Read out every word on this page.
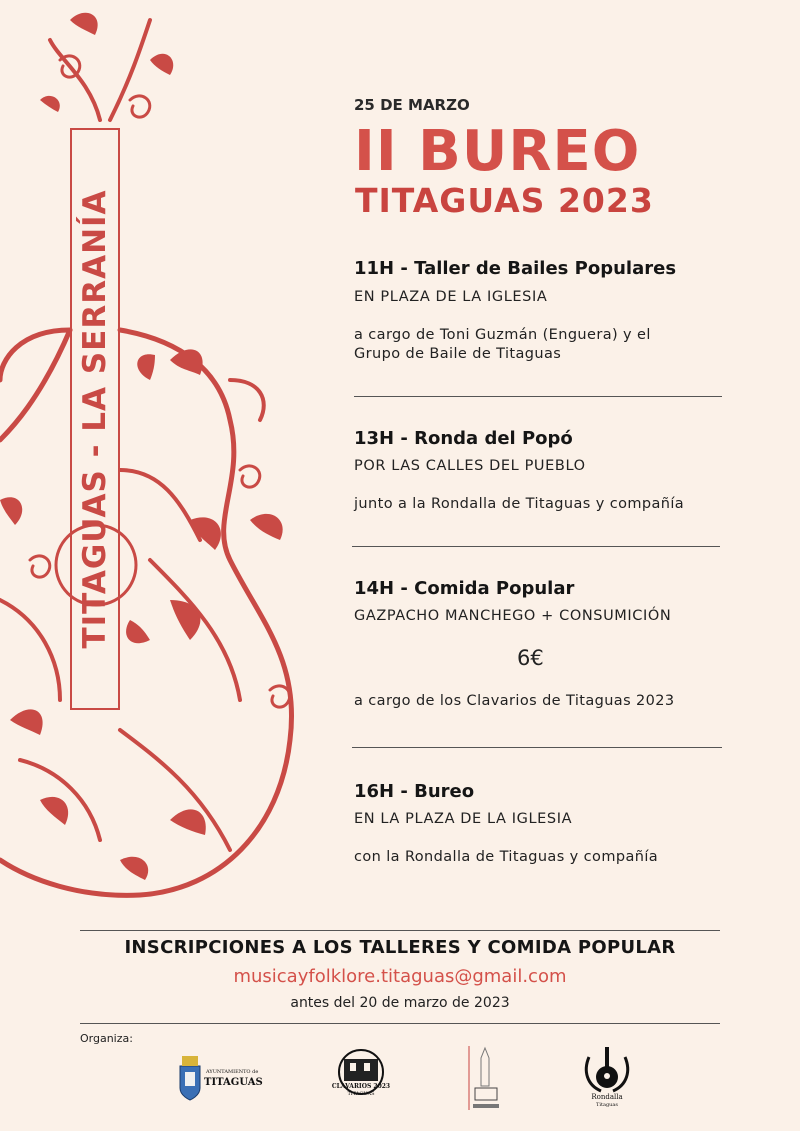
TITAGUAS - LA SERRANÍA
25 DE MARZO
II BUREO
TITAGUAS 2023
11H - Taller de Bailes Populares
EN PLAZA DE LA IGLESIA
a cargo de Toni Guzmán (Enguera) y el
Grupo de Baile de Titaguas
13H - Ronda del Popó
POR LAS CALLES DEL PUEBLO
junto a la Rondalla de Titaguas y compañía
14H - Comida Popular
GAZPACHO MANCHEGO + CONSUMICIÓN
6€
a cargo de los Clavarios de Titaguas 2023
16H - Bureo
EN LA PLAZA DE LA IGLESIA
con la Rondalla de Titaguas y compañía
INSCRIPCIONES A LOS TALLERES Y COMIDA POPULAR
musicayfolklore.titaguas@gmail.com
antes del 20 de marzo de 2023
Organiza:
AYUNTAMIENTO de
TITAGUAS	CLAVARIOS 2023
TITAGUAS	Rondalla
Titaguas
